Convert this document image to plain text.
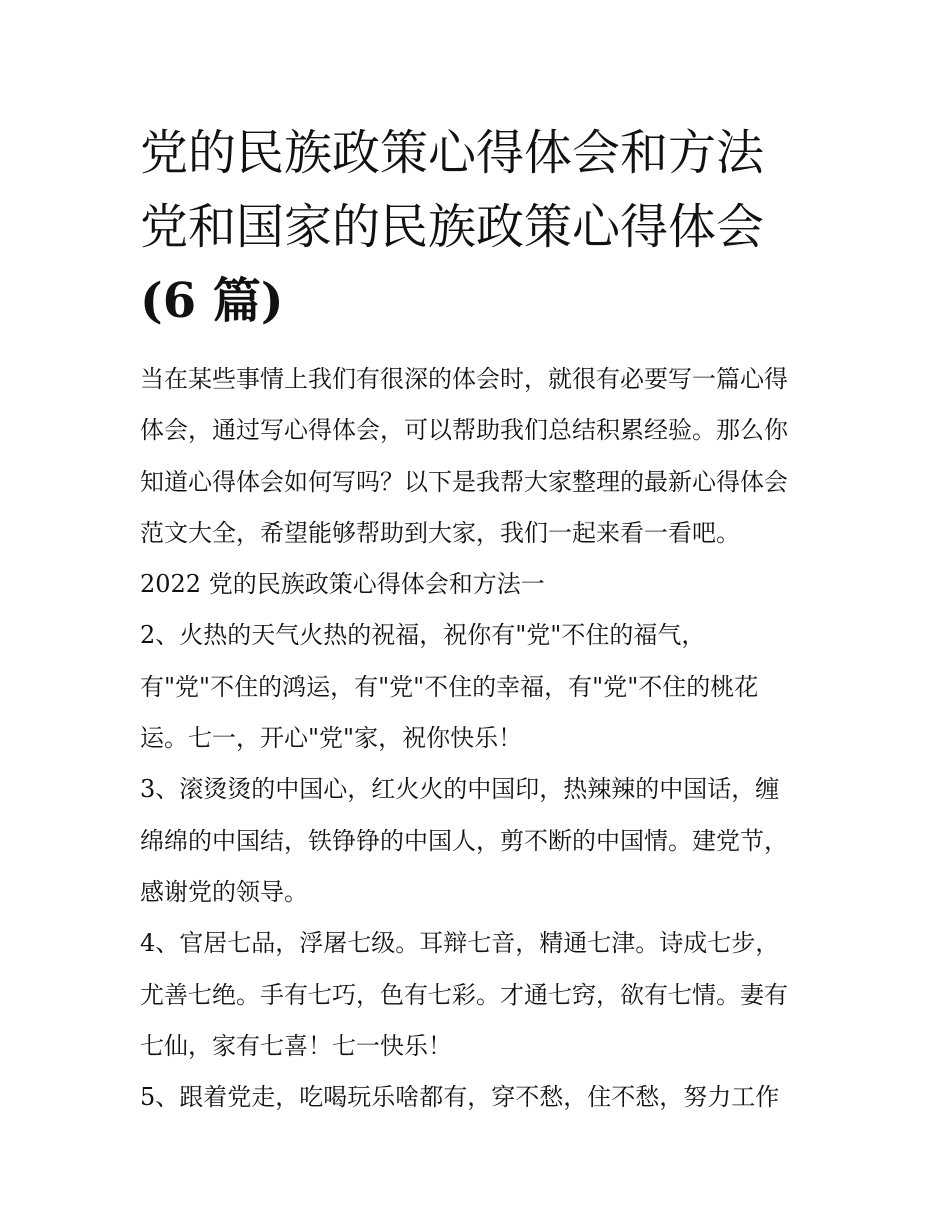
党的民族政策心得体会和方法
党和国家的民族政策心得体会
(6 篇)
当在某些事情上我们有很深的体会时，就很有必要写一篇心得
体会，通过写心得体会，可以帮助我们总结积累经验。那么你
知道心得体会如何写吗？以下是我帮大家整理的最新心得体会
范文大全，希望能够帮助到大家，我们一起来看一看吧。
2022 党的民族政策心得体会和方法一
2、火热的天气火热的祝福，祝你有"党"不住的福气，
有"党"不住的鸿运，有"党"不住的幸福，有"党"不住的桃花
运。七一，开心"党"家，祝你快乐！
3、滚烫烫的中国心，红火火的中国印，热辣辣的中国话，缠
绵绵的中国结，铁铮铮的中国人，剪不断的中国情。建党节，
感谢党的领导。
4、官居七品，浮屠七级。耳辩七音，精通七津。诗成七步，
尤善七绝。手有七巧，色有七彩。才通七窍，欲有七情。妻有
七仙，家有七喜！七一快乐！
5、跟着党走，吃喝玩乐啥都有，穿不愁，住不愁，努力工作
